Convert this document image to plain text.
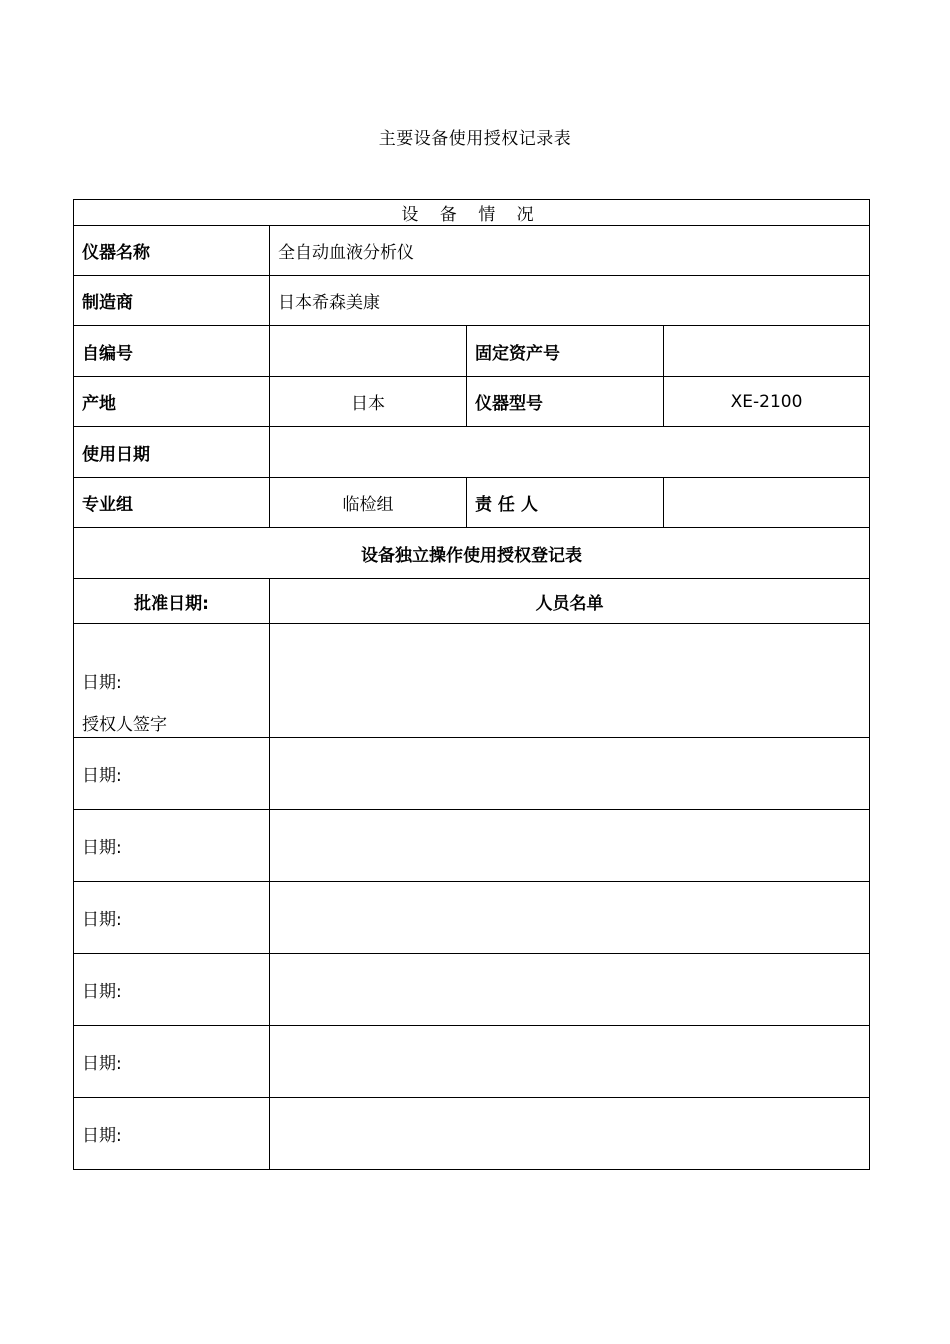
主要设备使用授权记录表
设 备 情 况			
仪器名称	全自动血液分析仪		
制造商	日本希森美康		
自编号		固定资产号	
产地	日本	仪器型号	XE-2100
使用日期			
专业组	临检组	责 任 人	
设备独立操作使用授权登记表			
批准日期:	人员名单		
日期:
授权人签字			

日期:			
日期:			
日期:			
日期:			
日期:			
日期:			
